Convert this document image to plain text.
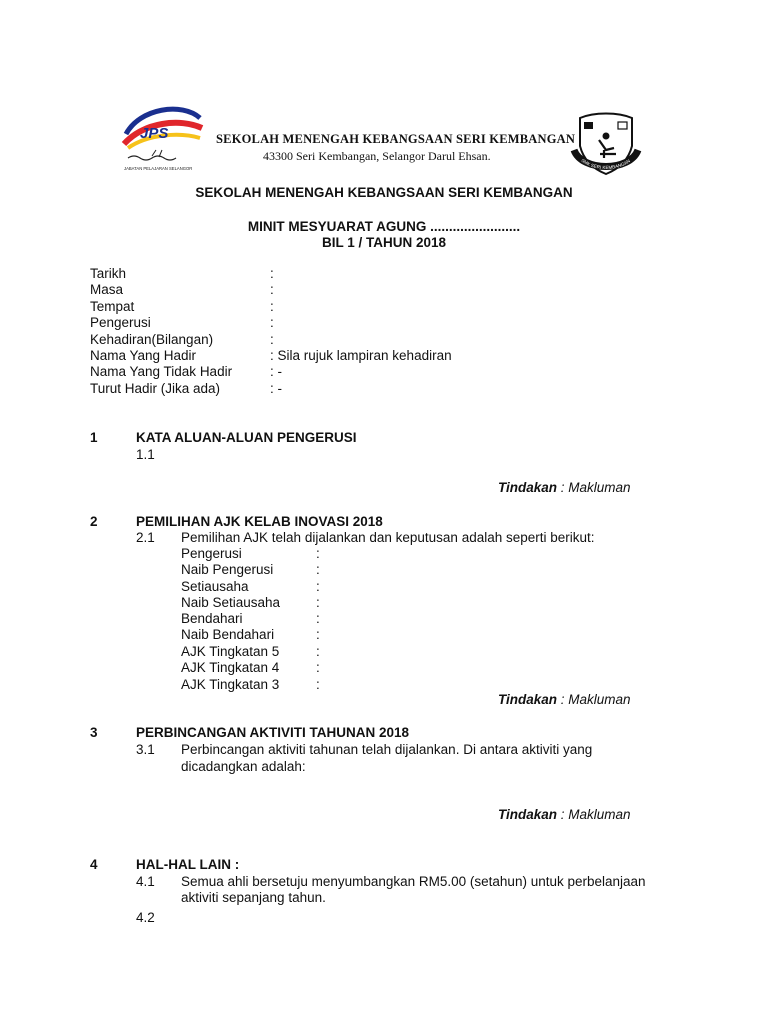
JPS
JABATAN PELAJARAN SELANGOR
SEKOLAH MENENGAH KEBANGSAAN SERI KEMBANGAN
43300 Seri Kembangan, Selangor Darul Ehsan.	SMK SERI KEMBANGAN
SEKOLAH MENENGAH KEBANGSAAN SERI KEMBANGAN
MINIT MESYUARAT AGUNG ........................
BIL 1 / TAHUN 2018
Tarikh	:
Masa	:
Tempat	:
Pengerusi	:
Kehadiran(Bilangan)	:
Nama Yang Hadir	: Sila rujuk lampiran kehadiran
Nama Yang Tidak Hadir	: -
Turut Hadir (Jika ada)	: -
1	KATA ALUAN-ALUAN PENGERUSI
1.1
Tindakan : Makluman
2	PEMILIHAN AJK KELAB INOVASI 2018
2.1 Pemilihan AJK telah dijalankan dan keputusan adalah seperti berikut:
Pengerusi	:
Naib Pengerusi	:
Setiausaha	:
Naib Setiausaha	:
Bendahari	:
Naib Bendahari	:
AJK Tingkatan 5	:
AJK Tingkatan 4	:
AJK Tingkatan 3	:
Tindakan : Makluman
3	PERBINCANGAN AKTIVITI TAHUNAN 2018
3.1 Perbincangan aktiviti tahunan telah dijalankan. Di antara aktiviti yang
dicadangkan adalah:
Tindakan : Makluman
4	HAL-HAL LAIN :
4.1 Semua ahli bersetuju menyumbangkan RM5.00 (setahun) untuk perbelanjaan
aktiviti sepanjang tahun.
4.2
